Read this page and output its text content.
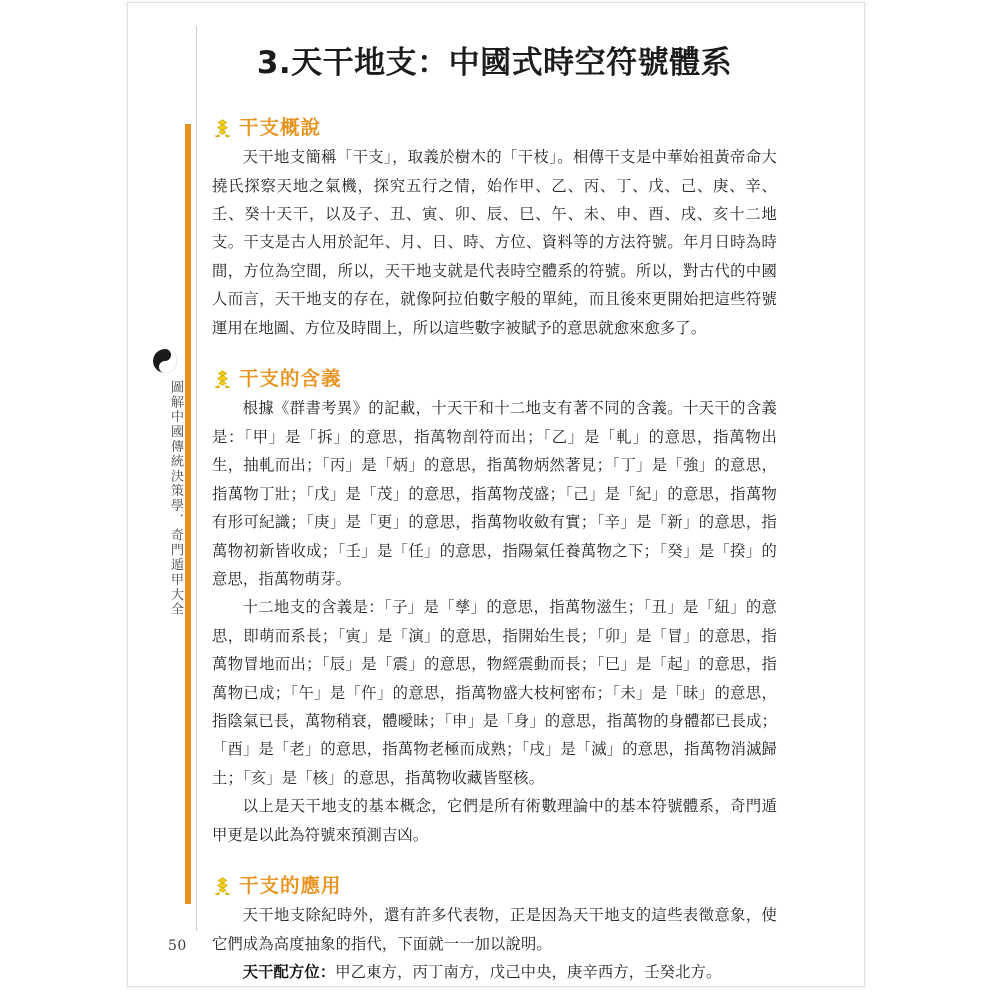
圖解中國傳統決策學．奇門遁甲大全
3.天干地支：中國式時空符號體系
干支概說

天干地支簡稱「干支」，取義於樹木的「干枝」。相傳干支是中華始祖黃帝命大撓氏探察天地之氣機，探究五行之情，始作甲、乙、丙、丁、戊、己、庚、辛、壬、癸十天干，以及子、丑、寅、卯、辰、巳、午、未、申、酉、戌、亥十二地支。干支是古人用於記年、月、日、時、方位、資料等的方法符號。年月日時為時間，方位為空間，所以，天干地支就是代表時空體系的符號。所以，對古代的中國人而言，天干地支的存在，就像阿拉伯數字般的單純，而且後來更開始把這些符號運用在地圖、方位及時間上，所以這些數字被賦予的意思就愈來愈多了。

干支的含義

根據《群書考異》的記載，十天干和十二地支有著不同的含義。十天干的含義是：「甲」是「拆」的意思，指萬物剖符而出；「乙」是「軋」的意思，指萬物出生，抽軋而出；「丙」是「炳」的意思，指萬物炳然著見；「丁」是「強」的意思，指萬物丁壯；「戊」是「茂」的意思，指萬物茂盛；「己」是「紀」的意思，指萬物有形可紀識；「庚」是「更」的意思，指萬物收斂有實；「辛」是「新」的意思，指萬物初新皆收成；「壬」是「任」的意思，指陽氣任養萬物之下；「癸」是「揆」的意思，指萬物萌芽。

十二地支的含義是：「子」是「孳」的意思，指萬物滋生；「丑」是「紐」的意思，即萌而系長；「寅」是「演」的意思，指開始生長；「卯」是「冒」的意思，指萬物冒地而出；「辰」是「震」的意思，物經震動而長；「巳」是「起」的意思，指萬物已成；「午」是「仵」的意思，指萬物盛大枝柯密布；「未」是「昧」的意思，指陰氣已長，萬物稍衰，體曖昧；「申」是「身」的意思，指萬物的身體都已長成；「酉」是「老」的意思，指萬物老極而成熟；「戌」是「滅」的意思，指萬物消滅歸土；「亥」是「核」的意思，指萬物收藏皆堅核。

以上是天干地支的基本概念，它們是所有術數理論中的基本符號體系，奇門遁甲更是以此為符號來預測吉凶。

干支的應用

天干地支除紀時外，還有許多代表物，正是因為天干地支的這些表徵意象，使它們成為高度抽象的指代，下面就一一加以說明。

天干配方位：甲乙東方，丙丁南方，戊己中央，庚辛西方，壬癸北方。

50
